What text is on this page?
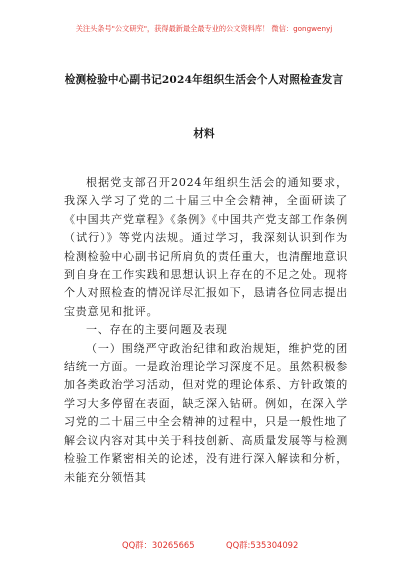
关注头条号"公文研究"，获得最新最全最专业的公文资料库！ 微信：gongwenyj
检测检验中心副书记2024年组织生活会个人对照检查发言
材料

根据党支部召开2024年组织生活会的通知要求，我深入学习了党的二十届三中全会精神，全面研读了《中国共产党章程》《条例》《中国共产党支部工作条例（试行）》等党内法规。通过学习，我深刻认识到作为检测检验中心副书记所肩负的责任重大，也清醒地意识到自身在工作实践和思想认识上存在的不足之处。现将个人对照检查的情况详尽汇报如下，恳请各位同志提出宝贵意见和批评。

一、存在的主要问题及表现

（一）围绕严守政治纪律和政治规矩，维护党的团结统一方面。一是政治理论学习深度不足。虽然积极参加各类政治学习活动，但对党的理论体系、方针政策的学习大多停留在表面，缺乏深入钻研。例如，在深入学习党的二十届三中全会精神的过程中，只是一般性地了解会议内容对其中关于科技创新、高质量发展等与检测检验工作紧密相关的论述，没有进行深入解读和分析，未能充分领悟其

QQ群：30265665	QQ群:535304092
